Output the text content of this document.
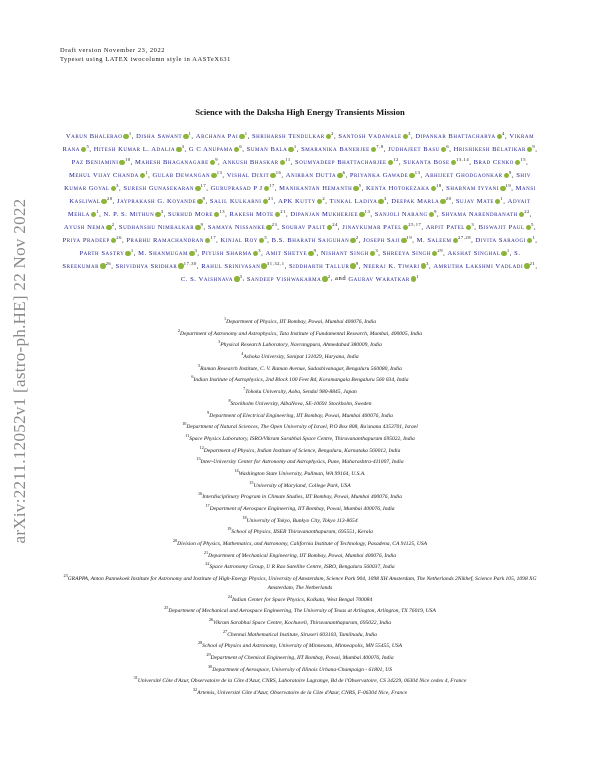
arXiv:2211.12052v1 [astro-ph.HE] 22 Nov 2022
Draft version November 23, 2022
Typeset using LATEX twocolumn style in AASTeX631
Science with the Daksha High Energy Transients Mission
Varun Bhalerao $^1$, Disha Sawant $^1$, Archana Pai $^1$, Shriharsh Tendulkar $^2$, Santosh Vadawale $^3$, Dipankar Bhattacharya $^4$, Vikram Rana $^5$, Hitesh Kumar L. Adalja $^3$, G C Anupama $^6$, Suman Bala $^1$, Smaranika Banerjee $^{7,8}$, Judhajeet Basu $^6$, Hrishikesh Belatikar $^9$, Paz Beniamini $^{10}$, Mahesh Bhaganagare $^9$, Ankush Bhaskar $^{11}$, Soumyadeep Bhattacharjee $^{12}$, Sukanta Bose $^{13,14}$, Brad Cenko $^{15}$, Mehul Vijay Chanda $^1$, Gulab Dewangan $^{13}$, Vishal Dixit $^{16}$, Anirban Dutta $^6$, Priyanka Gawade $^{13}$, Abhijeet Ghodgaonkar $^9$, Shiv Kumar Goyal $^3$, Suresh Gunasekaran $^{17}$, Guruprasad P J $^{17}$, Manikantan Hemanth $^5$, Kenta Hotokezaka $^{18}$, Shabnam Iyyani $^{19}$, Mansi Kasliwal $^{20}$, Jayprakash G. Koyande $^9$, Salil Kulkarni $^{21}$, APK Kutty $^2$, Tinkal Ladiya $^3$, Deepak Marla $^{20}$, Sujay Mate $^1$, Advait Mehla $^1$, N. P. S. Mithun $^3$, Surhud More $^{13}$, Rakesh Mote $^{21}$, Dipanjan Mukherjee $^{13}$, Sanjoli Narang $^9$, Shyama Narendranath $^{22}$, Ayush Nema $^2$, Sudhanshu Nimbalkar $^9$, Samaya Nissanke $^{23}$, Sourav Palit $^{24}$, Jinaykumar Patel $^{25,17}$, Arpit Patel $^3$, Biswajit Paul $^5$, Priya Pradeep $^{26}$, Prabhu Ramachandran $^{17}$, Kinjal Roy $^5$, B.S. Bharath Saiguhan $^2$, Joseph Saji $^{19}$, M. Saleem $^{27,28}$, Divita Saraogi $^1$, Parth Sastry $^1$, M. Shanmugam $^3$, Piyush Sharma $^3$, Amit Shetye $^9$, Nishant Singh $^3$, Shreeya Singh $^{29}$, Akshat Singhal $^1$, S. Sreekumar $^{26}$, Srividhya Sridhar $^{17,30}$, Rahul Srinivasan $^{31,32,1}$, Siddharth Tallur $^9$, Neeraj K. Tiwari $^3$, Amrutha Lakshmi Vadladi $^{21}$, C. S. Vaishnava $^3$, Sandeep Vishwakarma $^2$, and Gaurav Waratkar $^1$
$^1$Department of Physics, IIT Bombay, Powai, Mumbai 400076, India
$^2$Department of Astronomy and Astrophysics, Tata Institute of Fundamental Research, Mumbai, 400005, India
$^3$Physical Research Laboratory, Navrangpura, Ahmedabad 380009, India
$^4$Ashoka University, Sonipat 131029, Haryana, India
$^5$Raman Research Institute, C. V. Raman Avenue, Sadashivanagar, Bengaluru 560080, India
$^6$Indian Institute of Astrophysics, 2nd Block 100 Feet Rd, Koramangala Bengaluru 560 034, India
$^7$Tohoku University, Aoba, Sendai 980-8845, Japan
$^8$Stockholm University, AlbaNova, SE-10691 Stockholm, Sweden
$^9$Department of Electrical Engineering, IIT Bombay, Powai, Mumbai 400076, India
$^{10}$Department of Natural Sciences, The Open University of Israel, P.O Box 808, Ra'anana 4353701, Israel
$^{11}$Space Physics Laboratory, ISRO/Vikram Sarabhai Space Centre, Thiruvananthapuram 695022, India
$^{12}$Department of Physics, Indian Institute of Science, Bengaluru, Karnataka 560012, India
$^{13}$Inter-University Center for Astronomy and Astrophysics, Pune, Maharashtra-411007, India
$^{14}$Washington State University, Pullman, WA 99164, U.S.A.
$^{15}$University of Maryland, College Park, USA
$^{16}$Interdisciplinary Program in Climate Studies, IIT Bombay, Powai, Mumbai 400076, India
$^{17}$Department of Aerospace Engineering, IIT Bombay, Powai, Mumbai 400076, India
$^{18}$University of Tokyo, Bunkyo City, Tokyo 113-8654
$^{19}$School of Physics, IISER Thiruvananthapuram, 695551, Kerala
$^{20}$Division of Physics, Mathematics, and Astronomy, California Institute of Technology, Pasadena, CA 91125, USA
$^{21}$Department of Mechanical Engineering, IIT Bombay, Powai, Mumbai 400076, India
$^{22}$Space Astronomy Group, U R Rao Satellite Centre, ISRO, Bengaluru 560037, India
$^{23}$GRAPPA, Anton Pannekoek Institute for Astronomy and Institute of High-Energy Physics, University of Amsterdam, Science Park 904, 1098 XH Amsterdam, The Netherlands 2Nikhef, Science Park 105, 1098 XG Amsterdam, The Netherlands
$^{24}$Indian Center for Space Physics, Kolkata, West Bengal 700084
$^{25}$Department of Mechanical and Aerospace Engineering, The University of Texas at Arlington, Arlington, TX 76019, USA
$^{26}$Vikram Sarabhai Space Centre, Kochuveli, Thiruvananthapuram, 695022, India
$^{27}$Chennai Mathematical Institute, Siruseri 603103, Tamilnadu, India
$^{28}$School of Physics and Astronomy, University of Minnesota, Minneapolis, MN 55455, USA
$^{29}$Department of Chemical Engineering, IIT Bombay, Powai, Mumbai 400076, India
$^{30}$Department of Aerospace, University of Illinois Urbana-Champaign - 61801, US
$^{31}$Université Côte d'Azur, Observatoire de la Côte d'Azur, CNRS, Laboratoire Lagrange, Bd de l'Observatoire, CS 34229, 06304 Nice cedex 4, France
$^{32}$Artemis, Université Côte d'Azur, Observatoire de la Côte d'Azur, CNRS, F-06304 Nice, France
